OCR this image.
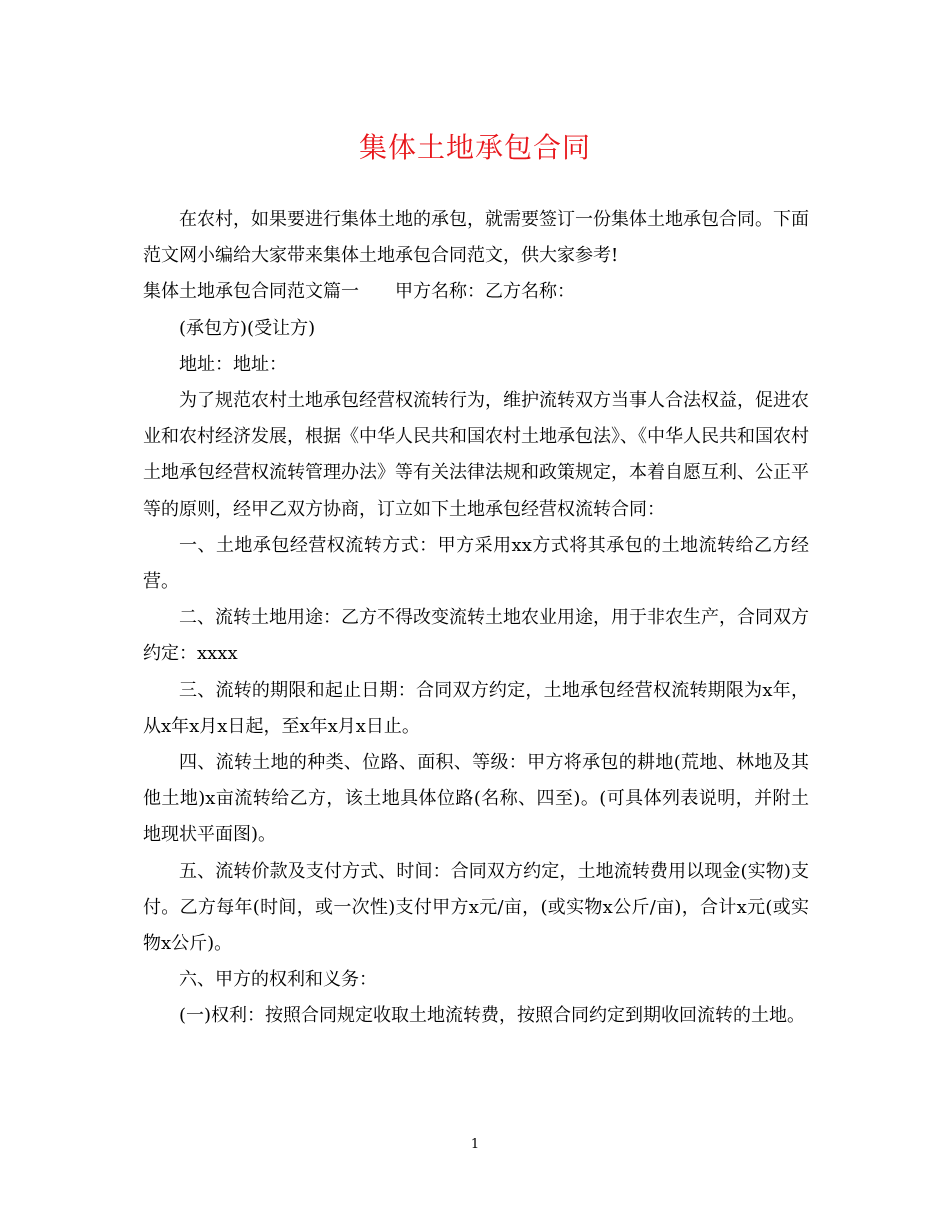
集体土地承包合同

在农村，如果要进行集体土地的承包，就需要签订一份集体土地承包合同。下面范文网小编给大家带来集体土地承包合同范文，供大家参考!

集体土地承包合同范文篇一 甲方名称：乙方名称：

(承包方)(受让方)

地址：地址：

为了规范农村土地承包经营权流转行为，维护流转双方当事人合法权益，促进农业和农村经济发展，根据《中华人民共和国农村土地承包法》、《中华人民共和国农村土地承包经营权流转管理办法》等有关法律法规和政策规定，本着自愿互利、公正平等的原则，经甲乙双方协商，订立如下土地承包经营权流转合同：

一、土地承包经营权流转方式：甲方采用xx方式将其承包的土地流转给乙方经营。

二、流转土地用途：乙方不得改变流转土地农业用途，用于非农生产，合同双方约定：xxxx

三、流转的期限和起止日期：合同双方约定，土地承包经营权流转期限为x年，从x年x月x日起，至x年x月x日止。

四、流转土地的种类、位路、面积、等级：甲方将承包的耕地(荒地、林地及其他土地)x亩流转给乙方，该土地具体位路(名称、四至)。(可具体列表说明，并附土地现状平面图)。

五、流转价款及支付方式、时间：合同双方约定，土地流转费用以现金(实物)支付。乙方每年(时间，或一次性)支付甲方x元/亩，(或实物x公斤/亩)，合计x元(或实物x公斤)。

六、甲方的权利和义务：

(一)权利：按照合同规定收取土地流转费，按照合同约定到期收回流转的土地。

1
